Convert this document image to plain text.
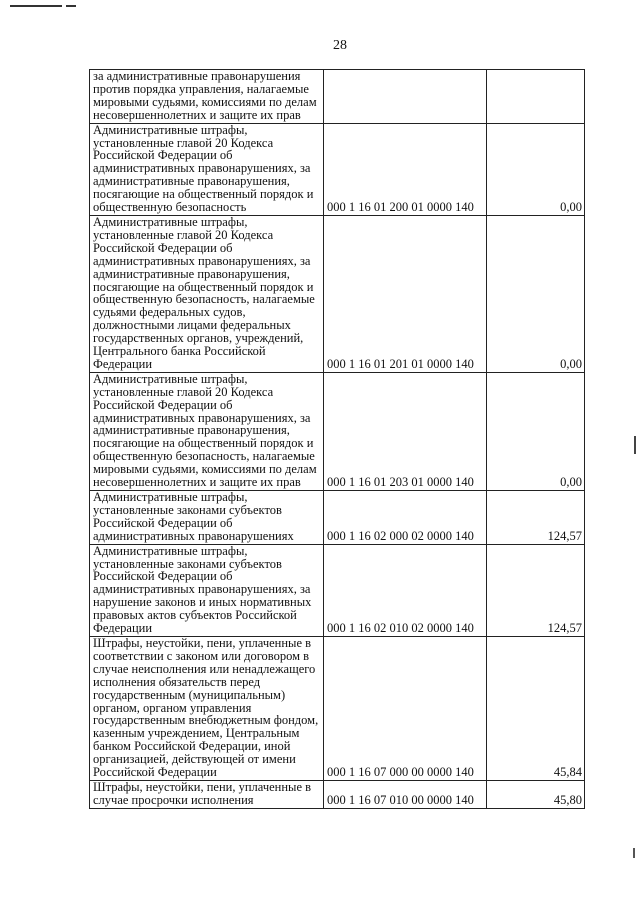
28
за административные правонарушения против порядка управления, налагаемые мировыми судьями, комиссиями по делам несовершеннолетних и защите их прав		
Административные штрафы, установленные главой 20 Кодекса Российской Федерации об административных правонарушениях, за административные правонарушения, посягающие на общественный порядок и общественную безопасность	000 1 16 01 200 01 0000 140	0,00
Административные штрафы, установленные главой 20 Кодекса Российской Федерации об административных правонарушениях, за административные правонарушения, посягающие на общественный порядок и общественную безопасность, налагаемые судьями федеральных судов, должностными лицами федеральных государственных органов, учреждений, Центрального банка Российской Федерации	000 1 16 01 201 01 0000 140	0,00
Административные штрафы, установленные главой 20 Кодекса Российской Федерации об административных правонарушениях, за административные правонарушения, посягающие на общественный порядок и общественную безопасность, налагаемые мировыми судьями, комиссиями по делам несовершеннолетних и защите их прав	000 1 16 01 203 01 0000 140	0,00
Административные штрафы, установленные законами субъектов Российской Федерации об административных правонарушениях	000 1 16 02 000 02 0000 140	124,57
Административные штрафы, установленные законами субъектов Российской Федерации об административных правонарушениях, за нарушение законов и иных нормативных правовых актов субъектов Российской Федерации	000 1 16 02 010 02 0000 140	124,57
Штрафы, неустойки, пени, уплаченные в соответствии с законом или договором в случае неисполнения или ненадлежащего исполнения обязательств перед государственным (муниципальным) органом, органом управления государственным внебюджетным фондом, казенным учреждением, Центральным банком Российской Федерации, иной организацией, действующей от имени Российской Федерации	000 1 16 07 000 00 0000 140	45,84
Штрафы, неустойки, пени, уплаченные в случае просрочки исполнения	000 1 16 07 010 00 0000 140	45,80
